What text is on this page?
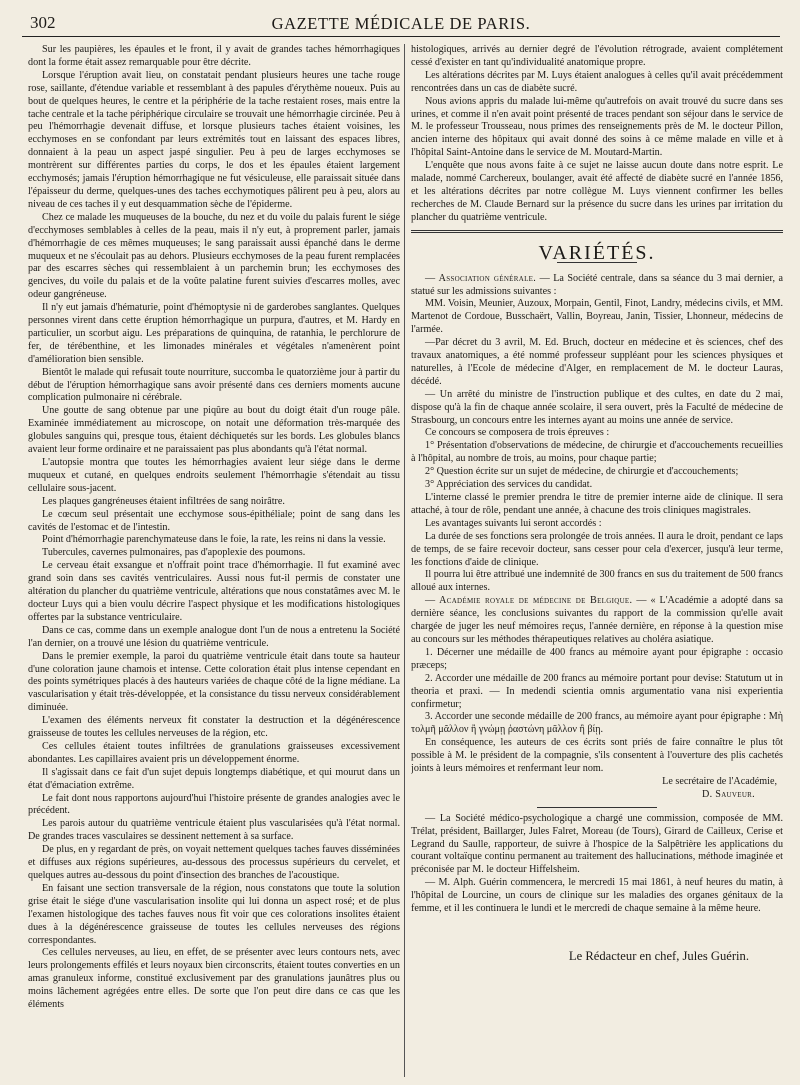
302	GAZETTE MÉDICALE DE PARIS.

Sur les paupières, les épaules et le front, il y avait de grandes taches hémorrhagiques dont la forme était assez remarquable pour être décrite.

Lorsque l'éruption avait lieu, on constatait pendant plusieurs heures une tache rouge rose, saillante, d'étendue variable et ressemblant à des papules d'érythème noueux. Puis au bout de quelques heures, le centre et la périphérie de la tache restaient roses, mais entre la tache centrale et la tache périphérique circulaire se trouvait une hémorrhagie circinée. Peu à peu l'hémorrhagie devenait diffuse, et lorsque plusieurs taches étaient voisines, les ecchymoses en se confondant par leurs extrémités tout en laissant des espaces libres, donnaient à la peau un aspect jaspé singulier. Peu à peu de larges ecchymoses se montrèrent sur différentes parties du corps, le dos et les épaules étaient largement ecchymosés; jamais l'éruption hémorrhagique ne fut vésiculeuse, elle paraissait située dans l'épaisseur du derme, quelques-unes des taches ecchymotiques pâlirent peu à peu, alors au niveau de ces taches il y eut desquammation sèche de l'épiderme.

Chez ce malade les muqueuses de la bouche, du nez et du voile du palais furent le siége d'ecchymoses semblables à celles de la peau, mais il n'y eut, à proprement parler, jamais d'hémorrhagie de ces mêmes muqueuses; le sang paraissait aussi épanché dans le derme muqueux et ne s'écoulait pas au dehors. Plusieurs ecchymoses de la peau furent remplacées par des escarres sèches qui ressemblaient à un parchemin brun; les ecchymoses des gencives, du voile du palais et de la voûte palatine furent suivies d'escarres molles, avec odeur gangréneuse.

Il n'y eut jamais d'hématurie, point d'hémoptysie ni de garderobes sanglantes. Quelques personnes virent dans cette éruption hémorrhagique un purpura, d'autres, et M. Hardy en particulier, un scorbut aigu. Les préparations de quinquina, de ratanhia, le perchlorure de fer, de térébenthine, et les limonades minérales et végétales n'amenèrent point d'amélioration bien sensible.

Bientôt le malade qui refusait toute nourriture, succomba le quatorzième jour à partir du début de l'éruption hémorrhagique sans avoir présenté dans ces derniers moments aucune complication pulmonaire ni cérébrale.

Une goutte de sang obtenue par une piqûre au bout du doigt était d'un rouge pâle. Examinée immédiatement au microscope, on notait une déformation très-marquée des globules sanguins qui, presque tous, étaient déchiquetés sur les bords. Les globules blancs avaient leur forme ordinaire et ne paraissaient pas plus abondants qu'à l'état normal.

L'autopsie montra que toutes les hémorrhagies avaient leur siége dans le derme muqueux et cutané, en quelques endroits seulement l'hémorrhagie s'étendait au tissu cellulaire sous-jacent.

Les plaques gangréneuses étaient infiltrées de sang noirâtre.

Le cœcum seul présentait une ecchymose sous-épithéliale; point de sang dans les cavités de l'estomac et de l'intestin.

Point d'hémorrhagie parenchymateuse dans le foie, la rate, les reins ni dans la vessie.

Tubercules, cavernes pulmonaires, pas d'apoplexie des poumons.

Le cerveau était exsangue et n'offrait point trace d'hémorrhagie. Il fut examiné avec grand soin dans ses cavités ventriculaires. Aussi nous fut-il permis de constater une altération du plancher du quatrième ventricule, altérations que nous constatâmes avec M. le docteur Luys qui a bien voulu décrire l'aspect physique et les modifications histologiques offertes par la substance ventriculaire.

Dans ce cas, comme dans un exemple analogue dont l'un de nous a entretenu la Société l'an dernier, on a trouvé une lésion du quatrième ventricule.

Dans le premier exemple, la paroi du quatrième ventricule était dans toute sa hauteur d'une coloration jaune chamois et intense. Cette coloration était plus intense cependant en des points symétriques placés à des hauteurs variées de chaque côté de la ligne médiane. La vascularisation y était très-développée, et la consistance du tissu nerveux considérablement diminuée.

L'examen des éléments nerveux fit constater la destruction et la dégénérescence graisseuse de toutes les cellules nerveuses de la région, etc.

Ces cellules étaient toutes infiltrées de granulations graisseuses excessivement abondantes. Les capillaires avaient pris un développement énorme.

Il s'agissait dans ce fait d'un sujet depuis longtemps diabétique, et qui mourut dans un état d'émaciation extrême.

Le fait dont nous rapportons aujourd'hui l'histoire présente de grandes analogies avec le précédent.

Les parois autour du quatrième ventricule étaient plus vascularisées qu'à l'état normal. De grandes traces vasculaires se dessinent nettement à sa surface.

De plus, en y regardant de près, on voyait nettement quelques taches fauves disséminées et diffuses aux régions supérieures, au-dessous des processus supérieurs du cervelet, et quelques autres au-dessous du point d'insection des branches de l'acoustique.

En faisant une section transversale de la région, nous constatons que toute la solution grise était le siége d'une vascularisation insolite qui lui donna un aspect rosé; et de plus l'examen histologique des taches fauves nous fit voir que ces colorations insolites étaient dues à la dégénérescence graisseuse de toutes les cellules nerveuses des régions correspondantes.

Ces cellules nerveuses, au lieu, en effet, de se présenter avec leurs contours nets, avec leurs prolongements effilés et leurs noyaux bien circonscrits, étaient toutes converties en un amas granuleux informe, constitué exclusivement par des granulations jaunâtres plus ou moins lâchement agrégées entre elles. De sorte que l'on peut dire dans ce cas que les éléments

histologiques, arrivés au dernier degré de l'évolution rétrograde, avaient complétement cessé d'exister en tant qu'individualité anatomique propre.

Les altérations décrites par M. Luys étaient analogues à celles qu'il avait précédemment rencontrées dans un cas de diabète sucré.

Nous avions appris du malade lui-même qu'autrefois on avait trouvé du sucre dans ses urines, et comme il n'en avait point présenté de traces pendant son séjour dans le service de M. le professeur Trousseau, nous primes des renseignements près de M. le docteur Pillon, ancien interne des hôpitaux qui avait donné des soins à ce même malade en ville et à l'hôpital Saint-Antoine dans le service de M. Moutard-Martin.

L'enquête que nous avons faite à ce sujet ne laisse aucun doute dans notre esprit. Le malade, nommé Carchereux, boulanger, avait été affecté de diabète sucré en l'année 1856, et les altérations décrites par notre collègue M. Luys viennent confirmer les belles recherches de M. Claude Bernard sur la présence du sucre dans les urines par irritation du plancher du quatrième ventricule.

VARIÉTÉS.

— Association générale. — La Société centrale, dans sa séance du 3 mai dernier, a statué sur les admissions suivantes :

MM. Voisin, Meunier, Auzoux, Morpain, Gentil, Finot, Landry, médecins civils, et MM. Martenot de Cordoue, Busschaërt, Vallin, Boyreau, Janin, Tissier, Lhonneur, médecins de l'armée.

—Par décret du 3 avril, M. Ed. Bruch, docteur en médecine et ès sciences, chef des travaux anatomiques, a été nommé professeur suppléant pour les sciences physiques et naturelles, à l'Ecole de médecine d'Alger, en remplacement de M. le docteur Lauras, décédé.

— Un arrêté du ministre de l'instruction publique et des cultes, en date du 2 mai, dispose qu'à la fin de chaque année scolaire, il sera ouvert, près la Faculté de médecine de Strasbourg, un concours entre les internes ayant au moins une année de service.

Ce concours se composera de trois épreuves :

1° Présentation d'observations de médecine, de chirurgie et d'accouchements recueillies à l'hôpital, au nombre de trois, au moins, pour chaque partie;

2° Question écrite sur un sujet de médecine, de chirurgie et d'accouchements;

3° Appréciation des services du candidat.

L'interne classé le premier prendra le titre de premier interne aide de clinique. Il sera attaché, à tour de rôle, pendant une année, à chacune des trois cliniques magistrales.

Les avantages suivants lui seront accordés :

La durée de ses fonctions sera prolongée de trois années. Il aura le droit, pendant ce laps de temps, de se faire recevoir docteur, sans cesser pour cela d'exercer, jusqu'à leur terme, les fonctions d'aide de clinique.

Il pourra lui être attribué une indemnité de 300 francs en sus du traitement de 500 francs alloué aux internes.

— Académie royale de médecine de Belgique. — « L'Académie a adopté dans sa dernière séance, les conclusions suivantes du rapport de la commission qu'elle avait chargée de juger les neuf mémoires reçus, l'année dernière, en réponse à la question mise au concours sur les méthodes thérapeutiques relatives au choléra asiatique.

1. Décerner une médaille de 400 francs au mémoire ayant pour épigraphe : occasio præceps;

2. Accorder une médaille de 200 francs au mémoire portant pour devise: Statutum ut in theoria et praxi. — In medendi scientia omnis argumentatio vana nisi experientia confirmetur;

3. Accorder une seconde médaille de 200 francs, au mémoire ayant pour épigraphe : Μὴ τολμῆ μᾶλλον ἢ γνώμῃ ῥαστώνη μᾶλλον ἢ βίῃ.

En conséquence, les auteurs de ces écrits sont priés de faire connaître le plus tôt possible à M. le président de la compagnie, s'ils consentent à l'ouverture des plis cachetés joints à leurs mémoires et renfermant leur nom.

Le secrétaire de l'Académie,

D. Sauveur.

— La Société médico-psychologique a chargé une commission, composée de MM. Trélat, président, Baillarger, Jules Falret, Moreau (de Tours), Girard de Cailleux, Cerise et Legrand du Saulle, rapporteur, de suivre à l'hospice de la Salpêtrière les applications du courant voltaïque continu permanent au traitement des hallucinations, méthode imaginée et préconisée par M. le docteur Hiffelsheim.

— M. Alph. Guérin commencera, le mercredi 15 mai 1861, à neuf heures du matin, à l'hôpital de Lourcine, un cours de clinique sur les maladies des organes génitaux de la femme, et il les continuera le lundi et le mercredi de chaque semaine à la même heure.

Le Rédacteur en chef, Jules Guérin.
